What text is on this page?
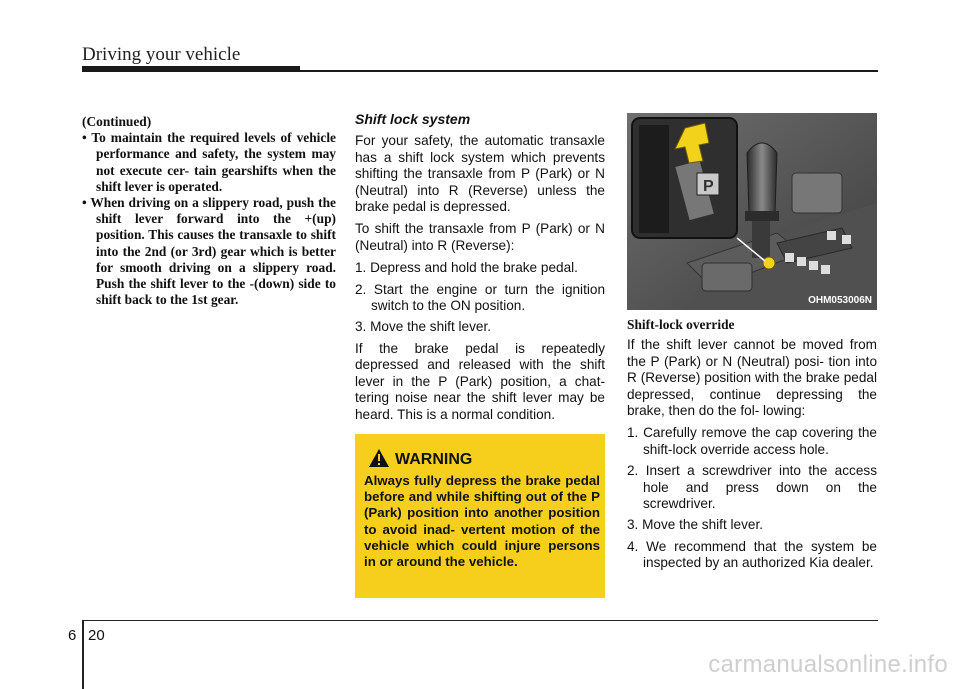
Driving your vehicle
(Continued)
• To maintain the required levels of vehicle performance and safety, the system may not execute cer- tain gearshifts when the shift lever is operated.
• When driving on a slippery road, push the shift lever forward into the +(up) position. This causes the transaxle to shift into the 2nd (or 3rd) gear which is better for smooth driving on a slippery road. Push the shift lever to the -(down) side to shift back to the 1st gear.
Shift lock system

For your safety, the automatic transaxle has a shift lock system which prevents shifting the transaxle from P (Park) or N (Neutral) into R (Reverse) unless the brake pedal is depressed.

To shift the transaxle from P (Park) or N (Neutral) into R (Reverse):

1. Depress and hold the brake pedal.
2. Start the engine or turn the ignition switch to the ON position.
3. Move the shift lever.

If the brake pedal is repeatedly depressed and released with the shift lever in the P (Park) position, a chat- tering noise near the shift lever may be heard. This is a normal condition.

WARNING
Always fully depress the brake pedal before and while shifting out of the P (Park) position into another position to avoid inad- vertent motion of the vehicle which could injure persons in or around the vehicle.
P
OHM053006N
Shift-lock override

If the shift lever cannot be moved from the P (Park) or N (Neutral) posi- tion into R (Reverse) position with the brake pedal depressed, continue depressing the brake, then do the fol- lowing:

1. Carefully remove the cap covering the shift-lock override access hole.
2. Insert a screwdriver into the access hole and press down on the screwdriver.
3. Move the shift lever.
4. We recommend that the system be inspected by an authorized Kia dealer.
6 20
carmanualsonline.info
